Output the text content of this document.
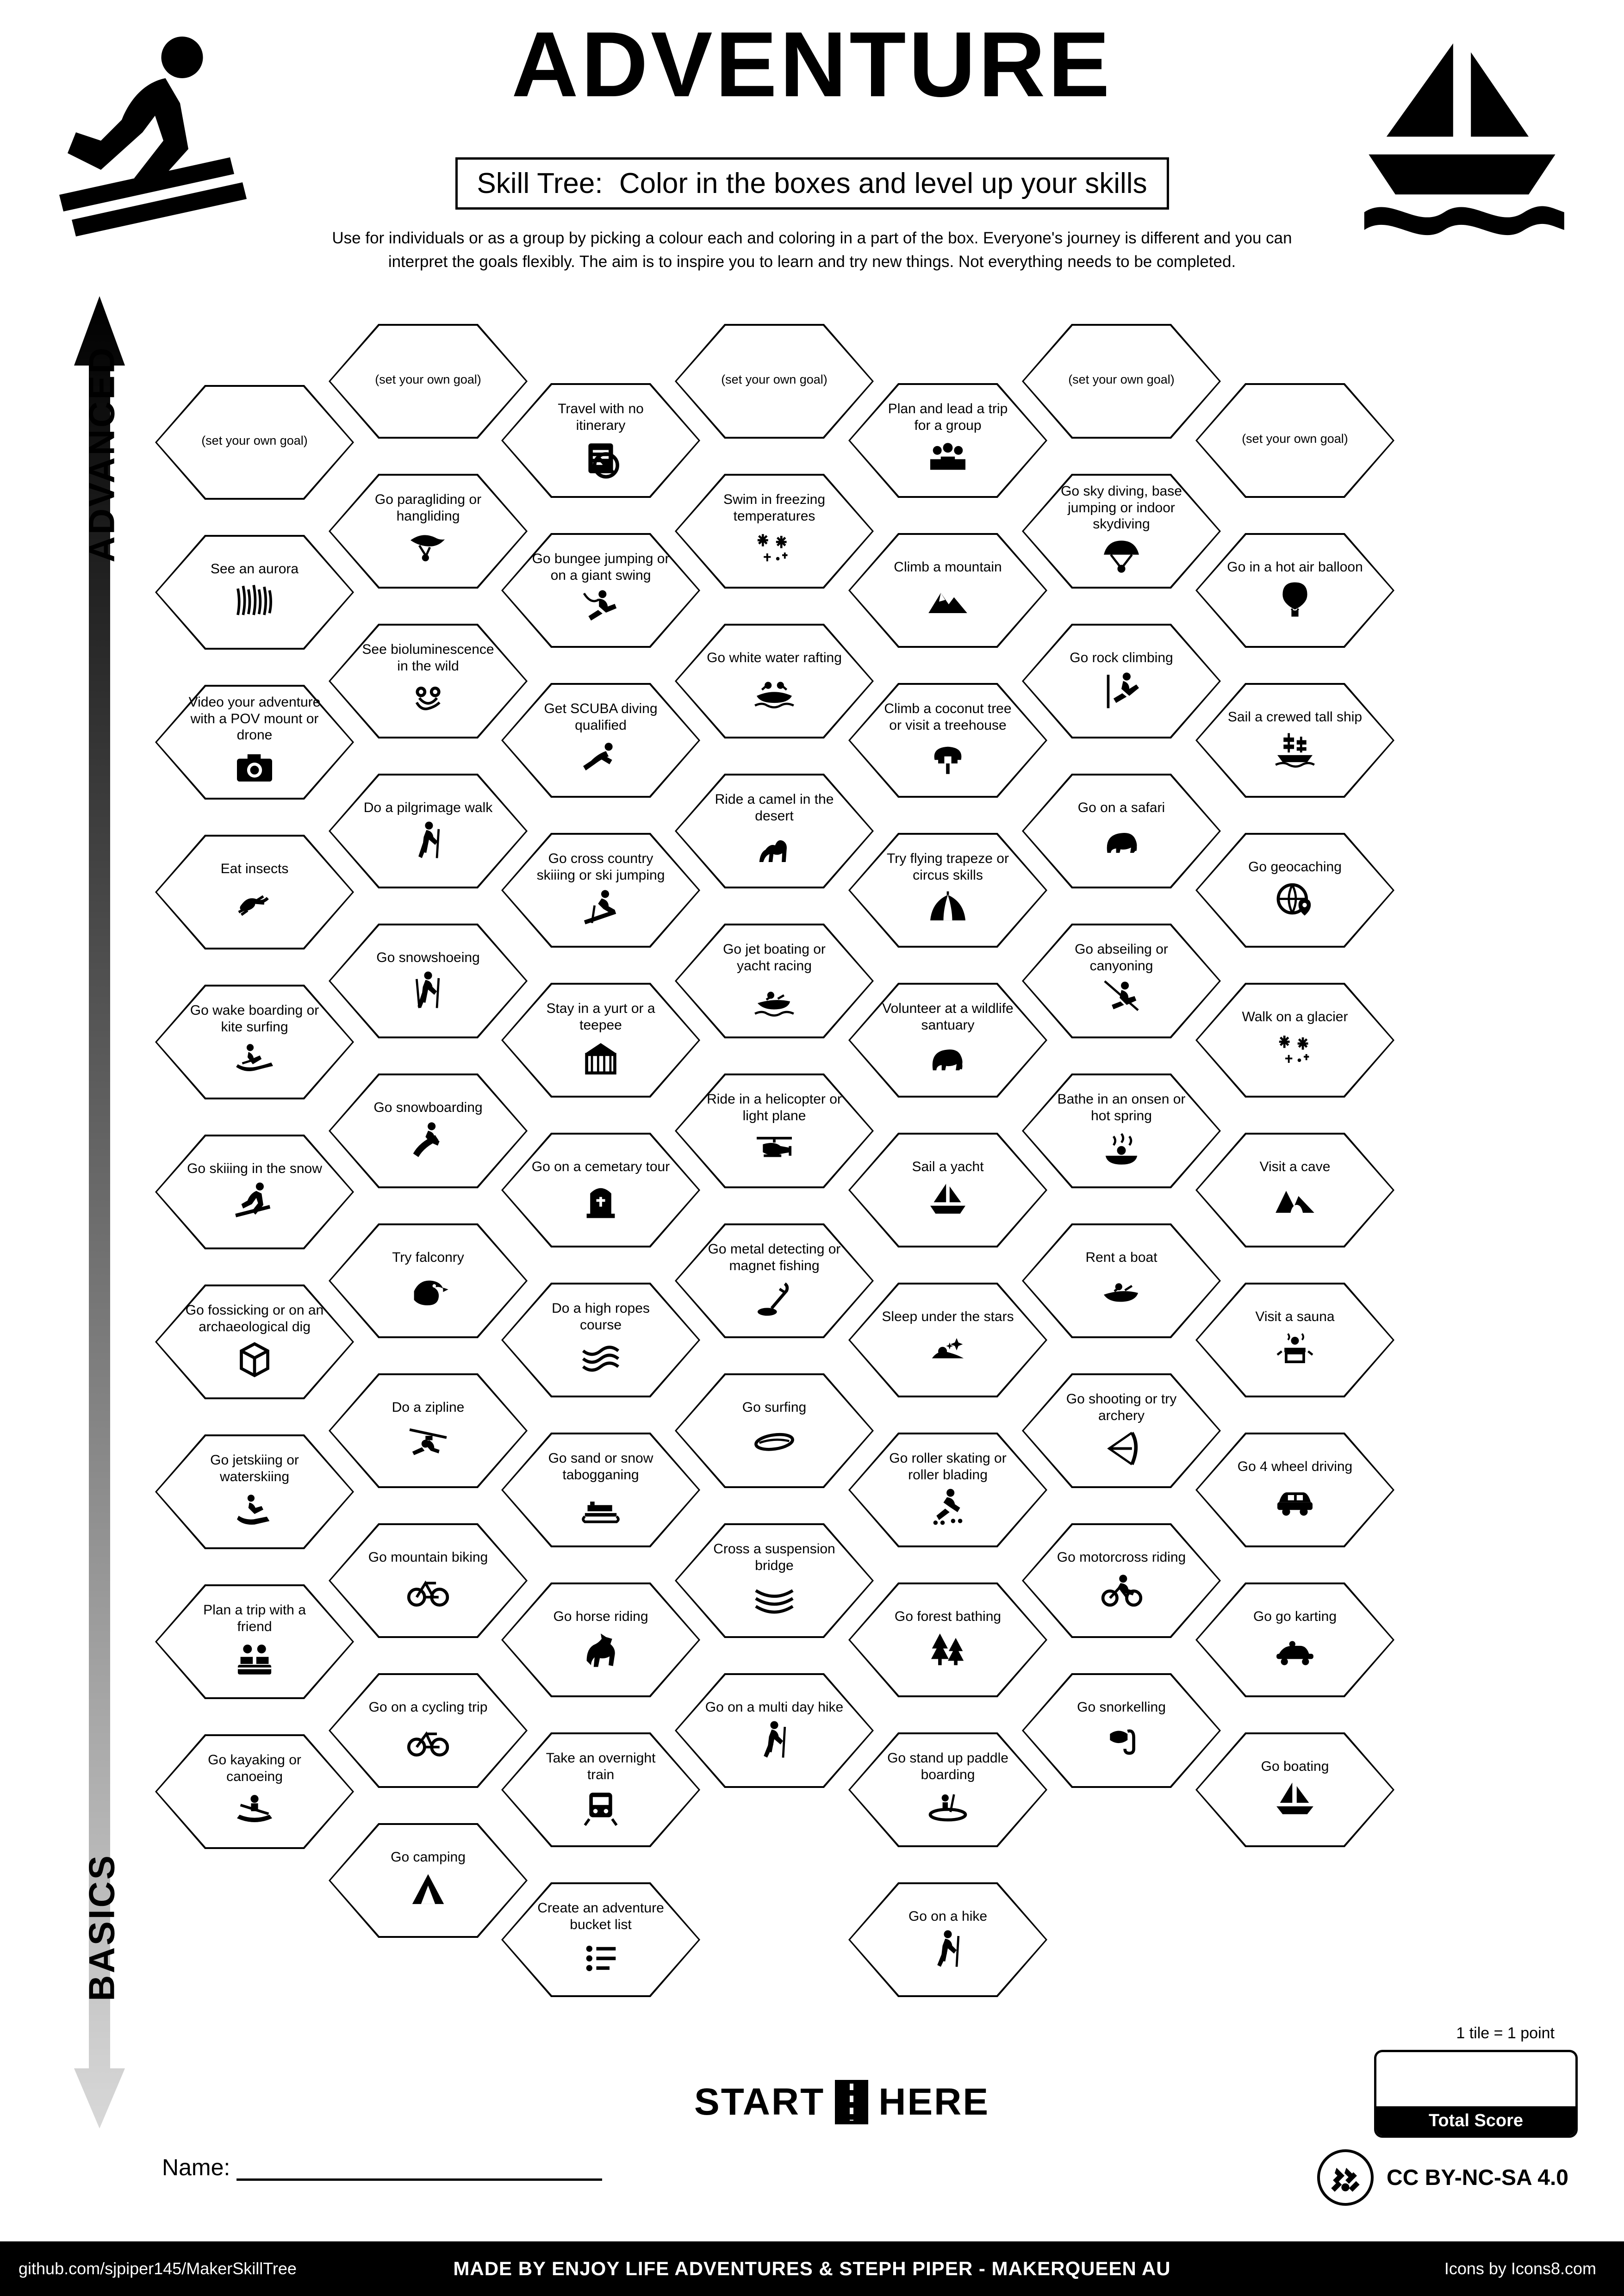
ADVENTURE
Skill Tree: Color in the boxes and level up your skills
Use for individuals or as a group by picking a colour each and coloring in a part of the box. Everyone's journey is different and you can interpret the goals flexibly. The aim is to inspire you to learn and try new things. Not everything needs to be completed.
ADVANCED
BASICS
(set your own goal)
See an aurora
Video your adventure with a POV mount or drone
Eat insects
Go wake boarding or kite surfing
Go skiiing in the snow
Go fossicking or on an archaeological dig
Go jetskiing or waterskiing
Plan a trip with a friend
Go kayaking or canoeing
(set your own goal)
Go paragliding or hangliding
See bioluminescence in the wild
Do a pilgrimage walk
Go snowshoeing
Go snowboarding
Try falconry
Do a zipline
Go mountain biking
Go on a cycling trip
Go camping
Travel with no itinerary
Go bungee jumping or on a giant swing
Get SCUBA diving qualified
Go cross country skiiing or ski jumping
Stay in a yurt or a teepee
Go on a cemetary tour
Do a high ropes course
Go sand or snow tabogganing
Go horse riding
Take an overnight train
Create an adventure bucket list
(set your own goal)
Swim in freezing temperatures
Go white water rafting
Ride a camel in the desert
Go jet boating or yacht racing
Ride in a helicopter or light plane
Go metal detecting or magnet fishing
Go surfing
Cross a suspension bridge
Go on a multi day hike
Plan and lead a trip for a group
Climb a mountain
Climb a coconut tree or visit a treehouse
Try flying trapeze or circus skills
Volunteer at a wildlife santuary
Sail a yacht
Sleep under the stars
Go roller skating or roller blading
Go forest bathing
Go stand up paddle boarding
Go on a hike
(set your own goal)
Go sky diving, base jumping or indoor skydiving
Go rock climbing
Go on a safari
Go abseiling or canyoning
Bathe in an onsen or hot spring
Rent a boat
Go shooting or try archery
Go motorcross riding
Go snorkelling
(set your own goal)
Go in a hot air balloon
Sail a crewed tall ship
Go geocaching
Walk on a glacier
Visit a cave
Visit a sauna
Go 4 wheel driving
Go go karting
Go boating
START HERE
1 tile = 1 point
Total Score
Name:	CC BY-NC-SA 4.0
github.com/sjpiper145/MakerSkillTree	MADE BY ENJOY LIFE ADVENTURES & STEPH PIPER - MAKERQUEEN AU	Icons by Icons8.com
